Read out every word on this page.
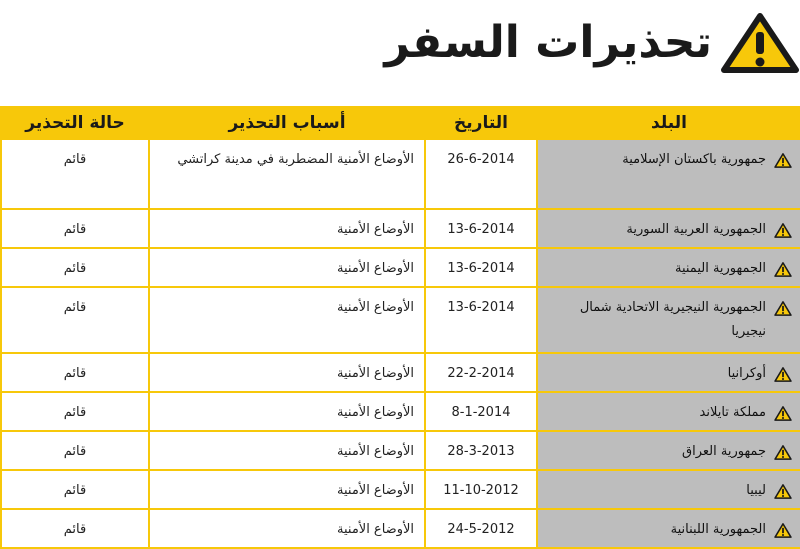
تحذيرات السفر
البلد	التاريخ	أسباب التحذير	حالة التحذير

جمهورية باكستان الإسلامية	26-6-2014	الأوضاع الأمنية المضطربة في مدينة كراتشي	قائم

الجمهورية العربية السورية	13-6-2014	الأوضاع الأمنية	قائم

الجمهورية اليمنية	13-6-2014	الأوضاع الأمنية	قائم

الجمهورية النيجيرية الاتحادية شمال نيجيريا	13-6-2014	الأوضاع الأمنية	قائم

أوكرانيا	22-2-2014	الأوضاع الأمنية	قائم

مملكة تايلاند	8-1-2014	الأوضاع الأمنية	قائم

جمهورية العراق	28-3-2013	الأوضاع الأمنية	قائم

ليبيا	11-10-2012	الأوضاع الأمنية	قائم

الجمهورية اللبنانية	24-5-2012	الأوضاع الأمنية	قائم
